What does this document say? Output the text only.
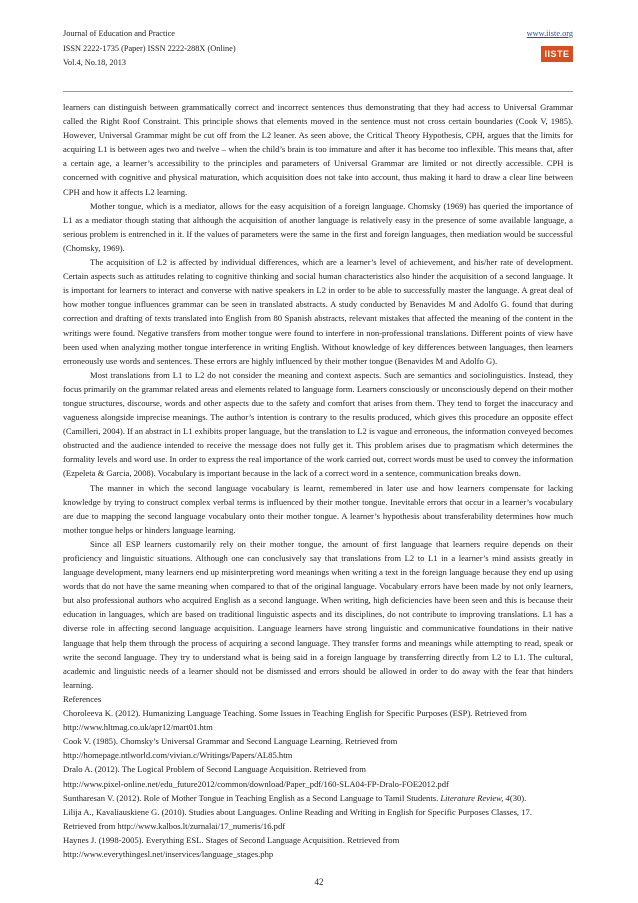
Journal of Education and Practice
ISSN 2222-1735 (Paper) ISSN 2222-288X (Online)
Vol.4, No.18, 2013
www.iiste.org
IISTE

learners can distinguish between grammatically correct and incorrect sentences thus demonstrating that they had access to Universal Grammar called the Right Roof Constraint. This principle shows that elements moved in the sentence must not cross certain boundaries (Cook V, 1985). However, Universal Grammar might be cut off from the L2 leaner. As seen above, the Critical Theory Hypothesis, CPH, argues that the limits for acquiring L1 is between ages two and twelve – when the child’s brain is too immature and after it has become too inflexible. This means that, after a certain age, a learner’s accessibility to the principles and parameters of Universal Grammar are limited or not directly accessible. CPH is concerned with cognitive and physical maturation, which acquisition does not take into account, thus making it hard to draw a clear line between CPH and how it affects L2 learning.

Mother tongue, which is a mediator, allows for the easy acquisition of a foreign language. Chomsky (1969) has queried the importance of L1 as a mediator though stating that although the acquisition of another language is relatively easy in the presence of some available language, a serious problem is entrenched in it. If the values of parameters were the same in the first and foreign languages, then mediation would be successful (Chomsky, 1969).

The acquisition of L2 is affected by individual differences, which are a learner’s level of achievement, and his/her rate of development. Certain aspects such as attitudes relating to cognitive thinking and social human characteristics also hinder the acquisition of a second language. It is important for learners to interact and converse with native speakers in L2 in order to be able to successfully master the language. A great deal of how mother tongue influences grammar can be seen in translated abstracts. A study conducted by Benavides M and Adolfo G. found that during correction and drafting of texts translated into English from 80 Spanish abstracts, relevant mistakes that affected the meaning of the content in the writings were found. Negative transfers from mother tongue were found to interfere in non-professional translations. Different points of view have been used when analyzing mother tongue interference in writing English. Without knowledge of key differences between languages, then learners erroneously use words and sentences. These errors are highly influenced by their mother tongue (Benavides M and Adolfo G).

Most translations from L1 to L2 do not consider the meaning and context aspects. Such are semantics and sociolinguistics. Instead, they focus primarily on the grammar related areas and elements related to language form. Learners consciously or unconsciously depend on their mother tongue structures, discourse, words and other aspects due to the safety and comfort that arises from them. They tend to forget the inaccuracy and vagueness alongside imprecise meanings. The author’s intention is contrary to the results produced, which gives this procedure an opposite effect (Camilleri, 2004). If an abstract in L1 exhibits proper language, but the translation to L2 is vague and erroneous, the information conveyed becomes obstructed and the audience intended to receive the message does not fully get it. This problem arises due to pragmatism which determines the formality levels and word use. In order to express the real importance of the work carried out, correct words must be used to convey the information (Ezpeleta & Garcia, 2008). Vocabulary is important because in the lack of a correct word in a sentence, communication breaks down.

The manner in which the second language vocabulary is learnt, remembered in later use and how learners compensate for lacking knowledge by trying to construct complex verbal terms is influenced by their mother tongue. Inevitable errors that occur in a learner’s vocabulary are due to mapping the second language vocabulary onto their mother tongue. A learner’s hypothesis about transferability determines how much mother tongue helps or hinders language learning.

Since all ESP learners customarily rely on their mother tongue, the amount of first language that learners require depends on their proficiency and linguistic situations. Although one can conclusively say that translations from L2 to L1 in a learner’s mind assists greatly in language development, many learners end up misinterpreting word meanings when writing a text in the foreign language because they end up using words that do not have the same meaning when compared to that of the original language. Vocabulary errors have been made by not only learners, but also professional authors who acquired English as a second language. When writing, high deficiencies have been seen and this is because their education in languages, which are based on traditional linguistic aspects and its disciplines, do not contribute to improving translations. L1 has a diverse role in affecting second language acquisition. Language learners have strong linguistic and communicative foundations in their native language that help them through the process of acquiring a second language. They transfer forms and meanings while attempting to read, speak or write the second language. They try to understand what is being said in a foreign language by transferring directly from L2 to L1. The cultural, academic and linguistic needs of a learner should not be dismissed and errors should be allowed in order to do away with the fear that hinders learning.

References

Choroleeva K. (2012). Humanizing Language Teaching. Some Issues in Teaching English for Specific Purposes (ESP). Retrieved from
http://www.hltmag.co.uk/apr12/mart01.htm
Cook V. (1985). Chomsky’s Universal Grammar and Second Language Learning. Retrieved from
http://homepage.ntlworld.com/vivian.c/Writings/Papers/AL85.htm
Dralo A. (2012). The Logical Problem of Second Language Acquisition. Retrieved from
http://www.pixel-online.net/edu_future2012/common/download/Paper_pdf/160-SLA04-FP-Dralo-FOE2012.pdf
Suntharesan V. (2012). Role of Mother Tongue in Teaching English as a Second Language to Tamil Students. Literature Review, 4(30).
Lilija A., Kavaliauskiene G. (2010). Studies about Languages. Online Reading and Writing in English for Specific Purposes Classes, 17.
Retrieved from http://www.kalbos.lt/zurnalai/17_numeris/16.pdf
Haynes J. (1998-2005). Everything ESL. Stages of Second Language Acquisition. Retrieved from
http://www.everythingesl.net/inservices/language_stages.php
42
